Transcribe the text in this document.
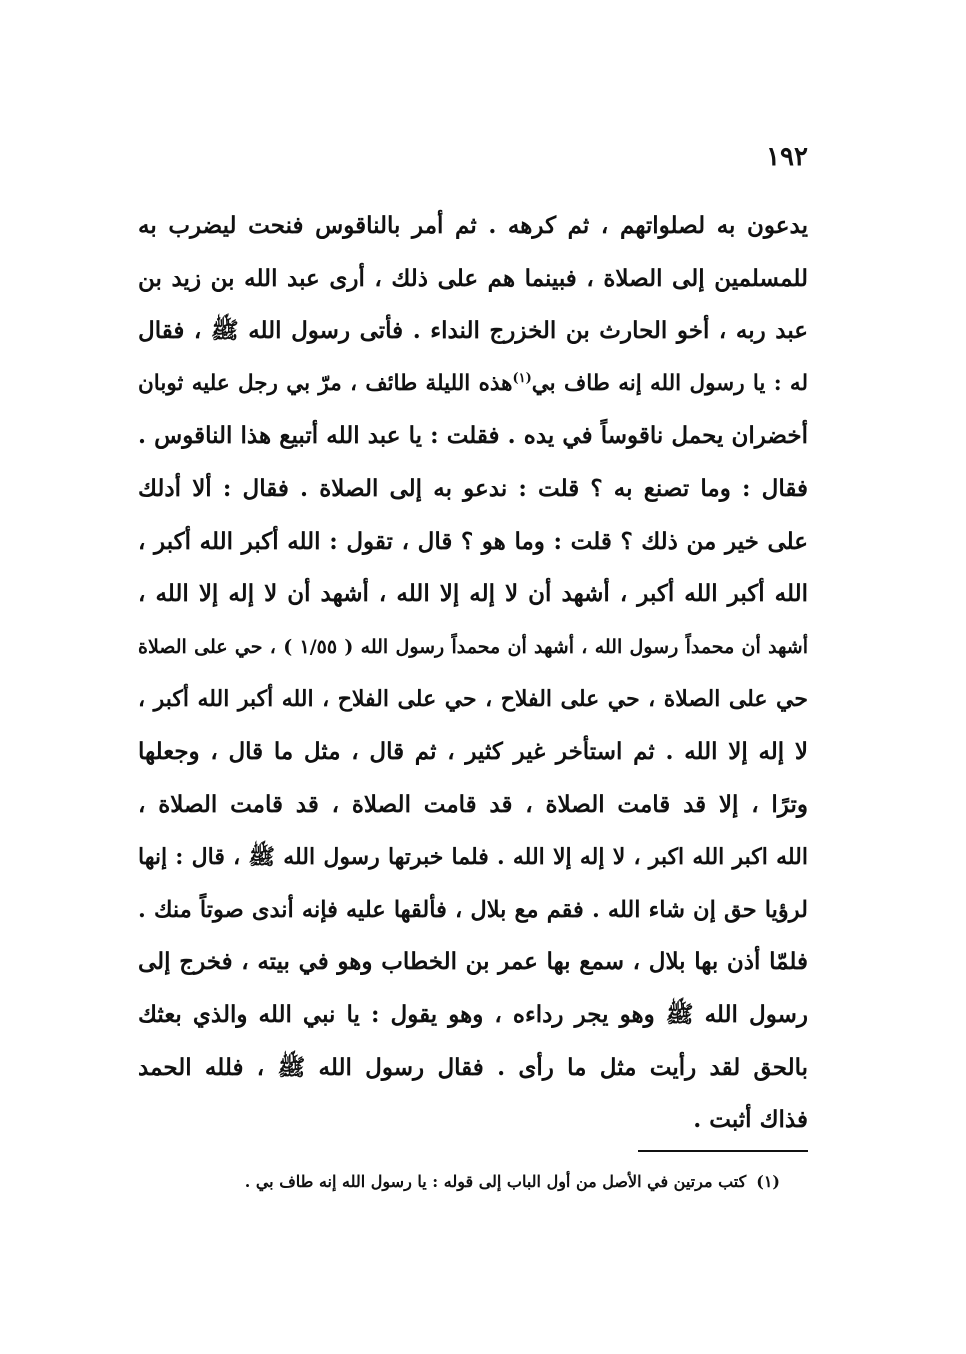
١٩٢
يدعون به لصلواتهم ، ثم كرهه . ثم أمر بالناقوس فنحت ليضرب به
للمسلمين إلى الصلاة ، فبينما هم على ذلك ، أرى عبد الله بن زيد بن
عبد ربه ، أخو الحارث بن الخزرج النداء . فأتى رسول الله ﷺ ، فقال
له : يا رسول الله إنه طاف بي$^{(١)}$هذه الليلة طائف ، مرّ بي رجل عليه ثوبان
أخضران يحمل ناقوساً في يده . فقلت : يا عبد الله أتبيع هذا الناقوس .
فقال : وما تصنع به ؟ قلت : ندعو به إلى الصلاة . فقال : ألا أدلك
على خير من ذلك ؟ قلت : وما هو ؟ قال ، تقول : الله أكبر الله أكبر ،
الله أكبر الله أكبر ، أشهد أن لا إله إلا الله ، أشهد أن لا إله إلا الله ،
أشهد أن محمداً رسول الله ، أشهد أن محمداً رسول الله ( ١/٥٥ ) ، حي على الصلاة
حي على الصلاة ، حي على الفلاح ، حي على الفلاح ، الله أكبر الله أكبر ،
لا إله إلا الله . ثم استأخر غير كثير ، ثم قال ، مثل ما قال ، وجعلها
وترًا ، إلا قد قامت الصلاة ، قد قامت الصلاة ، قد قامت الصلاة ،
الله اكبر الله اكبر ، لا إله إلا الله . فلما خبرتها رسول الله ﷺ ، قال : إنها
لرؤيا حق إن شاء الله . فقم مع بلال ، فألقها عليه فإنه أندى صوتاً منك .
فلمّا أذن بها بلال ، سمع بها عمر بن الخطاب وهو في بيته ، فخرج إلى
رسول الله ﷺ وهو يجر رداءه ، وهو يقول : يا نبي الله والذي بعثك
بالحق لقد رأيت مثل ما رأى . فقال رسول الله ﷺ ، فلله الحمد
فذاك أثبت .
(١)كتب مرتين في الأصل من أول الباب إلى قوله : يا رسول الله إنه طاف بي .
